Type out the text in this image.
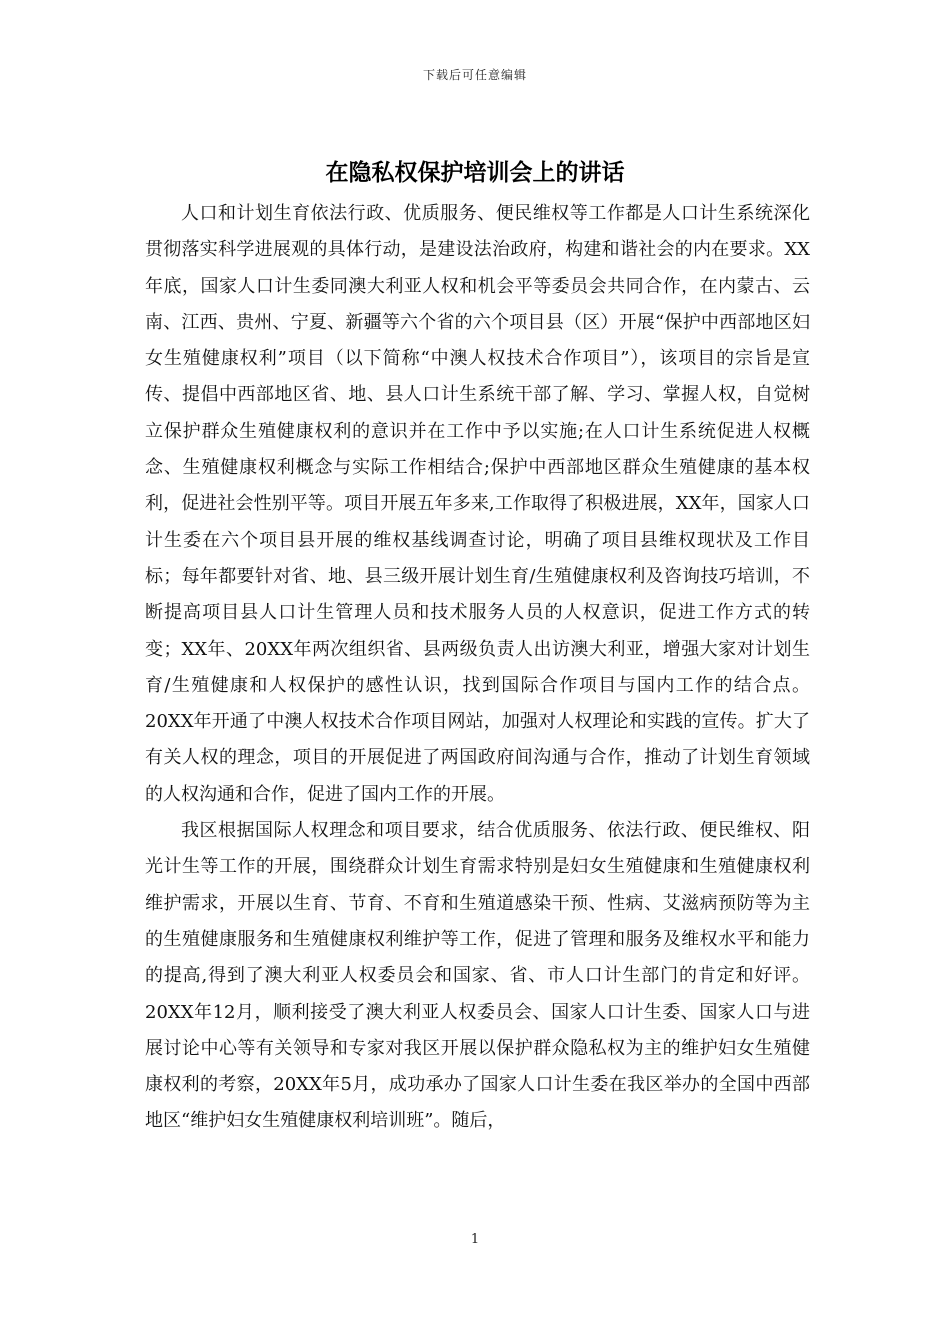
下载后可任意编辑
在隐私权保护培训会上的讲话

人口和计划生育依法行政、优质服务、便民维权等工作都是人口计生系统深化贯彻落实科学进展观的具体行动，是建设法治政府，构建和谐社会的内在要求。XX年底，国家人口计生委同澳大利亚人权和机会平等委员会共同合作，在内蒙古、云南、江西、贵州、宁夏、新疆等六个省的六个项目县（区）开展“保护中西部地区妇女生殖健康权利”项目（以下简称“中澳人权技术合作项目”），该项目的宗旨是宣传、提倡中西部地区省、地、县人口计生系统干部了解、学习、掌握人权，自觉树立保护群众生殖健康权利的意识并在工作中予以实施;在人口计生系统促进人权概念、生殖健康权利概念与实际工作相结合;保护中西部地区群众生殖健康的基本权利，促进社会性别平等。项目开展五年多来,工作取得了积极进展，XX年，国家人口计生委在六个项目县开展的维权基线调查讨论，明确了项目县维权现状及工作目标；每年都要针对省、地、县三级开展计划生育/生殖健康权利及咨询技巧培训，不断提高项目县人口计生管理人员和技术服务人员的人权意识，促进工作方式的转变；XX年、20XX年两次组织省、县两级负责人出访澳大利亚，增强大家对计划生育/生殖健康和人权保护的感性认识，找到国际合作项目与国内工作的结合点。20XX年开通了中澳人权技术合作项目网站，加强对人权理论和实践的宣传。扩大了有关人权的理念，项目的开展促进了两国政府间沟通与合作，推动了计划生育领域的人权沟通和合作，促进了国内工作的开展。

我区根据国际人权理念和项目要求，结合优质服务、依法行政、便民维权、阳光计生等工作的开展，围绕群众计划生育需求特别是妇女生殖健康和生殖健康权利维护需求，开展以生育、节育、不育和生殖道感染干预、性病、艾滋病预防等为主的生殖健康服务和生殖健康权利维护等工作，促进了管理和服务及维权水平和能力的提高,得到了澳大利亚人权委员会和国家、省、市人口计生部门的肯定和好评。20XX年12月，顺利接受了澳大利亚人权委员会、国家人口计生委、国家人口与进展讨论中心等有关领导和专家对我区开展以保护群众隐私权为主的维护妇女生殖健康权利的考察，20XX年5月，成功承办了国家人口计生委在我区举办的全国中西部地区“维护妇女生殖健康权利培训班”。随后，

1
